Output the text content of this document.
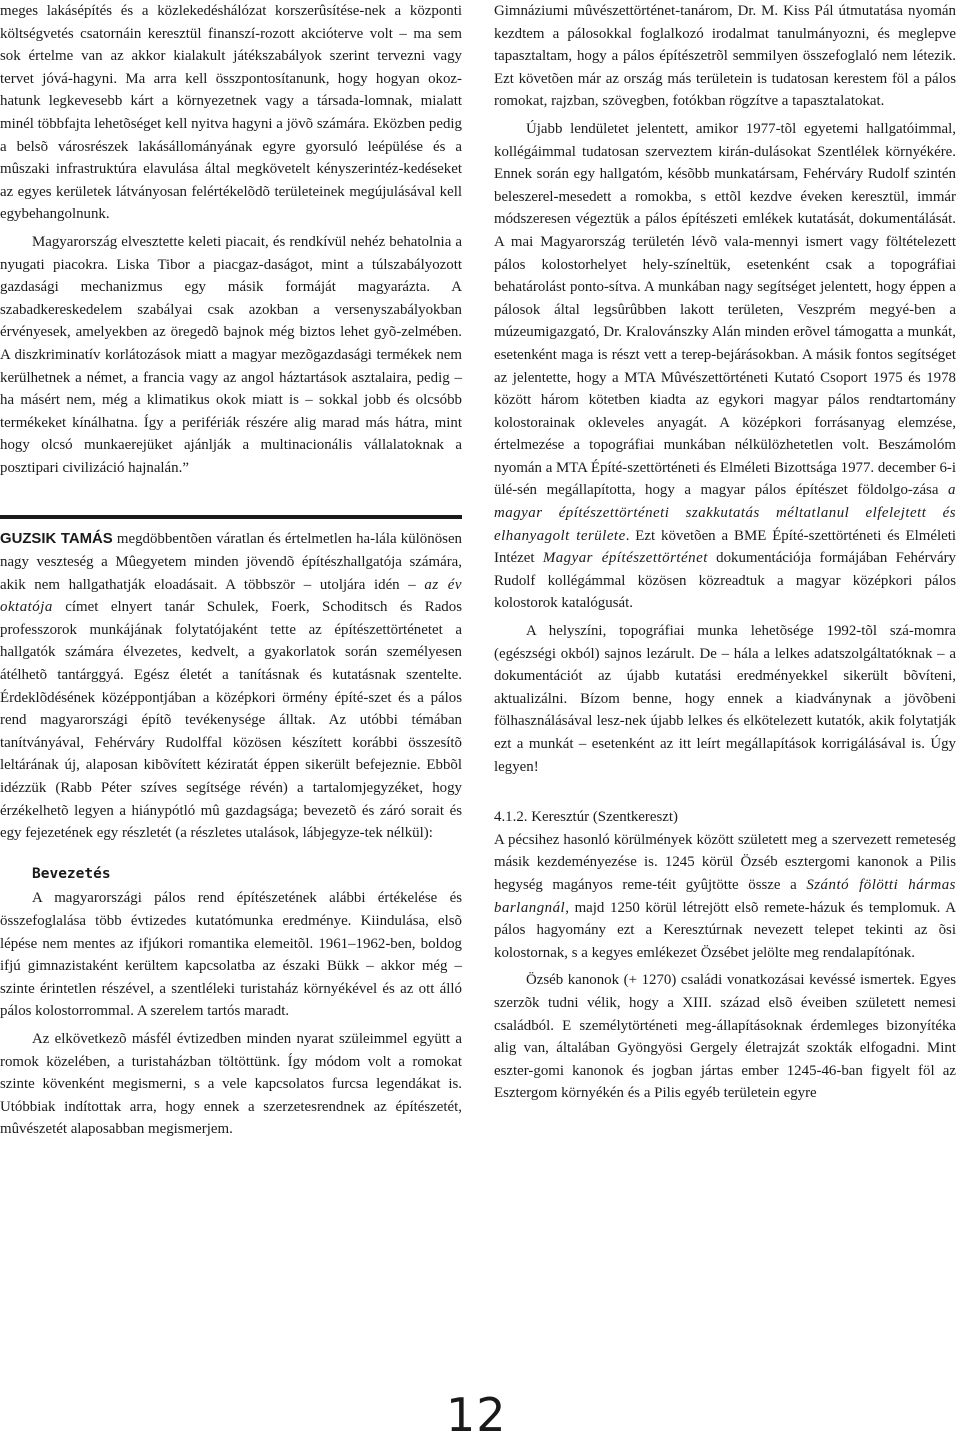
meges lakásépítés és a közlekedéshálózat korszerûsítése-nek a központi költségvetés csatornáin keresztül finanszí-rozott akcióterve volt – ma sem sok értelme van az akkor kialakult játékszabályok szerint tervezni vagy tervet jóvá-hagyni. Ma arra kell összpontosítanunk, hogy hogyan okoz-hatunk legkevesebb kárt a környezetnek vagy a társada-lomnak, mialatt minél többfajta lehetõséget kell nyitva hagyni a jövõ számára. Eközben pedig a belsõ városrészek lakásállományának egyre gyorsuló leépülése és a mûszaki infrastruktúra elavulása által megkövetelt kényszerintéz-kedéseket az egyes kerületek látványosan felértékelõdõ területeinek megújulásával kell egybehangolnunk.

Magyarország elvesztette keleti piacait, és rendkívül nehéz behatolnia a nyugati piacokra. Liska Tibor a piacgaz-daságot, mint a túlszabályozott gazdasági mechanizmus egy másik formáját magyarázta. A szabadkereskedelem szabályai csak azokban a versenyszabályokban érvényesek, amelyekben az öregedõ bajnok még biztos lehet gyõ-zelmében. A diszkriminatív korlátozások miatt a magyar mezõgazdasági termékek nem kerülhetnek a német, a francia vagy az angol háztartások asztalaira, pedig – ha másért nem, még a klimatikus okok miatt is – sokkal jobb és olcsóbb termékeket kínálhatna. Így a perifériák részére alig marad más hátra, mint hogy olcsó munkaerejüket ajánlják a multinacionális vállalatoknak a posztipari civilizáció hajnalán.”

GUZSIK TAMÁS megdöbbentõen váratlan és értelmetlen ha-lála különösen nagy veszteség a Mûegyetem minden jövendõ építészhallgatója számára, akik nem hallgathatják eloadásait. A többször – utoljára idén – az év oktatója címet elnyert tanár Schulek, Foerk, Schoditsch és Rados professzorok munkájának folytatójaként tette az építészettörténetet a hallgatók számára élvezetes, kedvelt, a gyakorlatok során személyesen átélhetõ tantárggyá. Egész életét a tanításnak és kutatásnak szentelte. Érdeklõdésének középpontjában a középkori örmény építé-szet és a pálos rend magyarországi építõ tevékenysége álltak. Az utóbbi témában tanítványával, Fehérváry Rudolffal közösen készített korábbi összesítõ leltárának új, alaposan kibõvített kéziratát éppen sikerült befejeznie. Ebbõl idézzük (Rabb Péter szíves segítsége révén) a tartalomjegyzéket, hogy érzékelhetõ legyen a hiánypótló mû gazdagsága; bevezetõ és záró sorait és egy fejezetének egy részletét (a részletes utalások, lábjegyze-tek nélkül):

Bevezetés

A magyarországi pálos rend építészetének alábbi értékelése és összefoglalása több évtizedes kutatómunka eredménye. Kiindulása, elsõ lépése nem mentes az ifjúkori romantika elemeitõl. 1961–1962-ben, boldog ifjú gimnazistaként kerültem kapcsolatba az északi Bükk – akkor még – szinte érintetlen részével, a szentléleki turistaház környékével és az ott álló pálos kolostorrommal. A szerelem tartós maradt.

Az elkövetkezõ másfél évtizedben minden nyarat szüleimmel együtt a romok közelében, a turistaházban töltöttünk. Így módom volt a romokat szinte kövenként megismerni, s a vele kapcsolatos furcsa legendákat is. Utóbbiak indítottak arra, hogy ennek a szerzetesrendnek az építészetét, mûvészetét alaposabban megismerjem.

Gimnáziumi mûvészettörténet-tanárom, Dr. M. Kiss Pál útmutatása nyomán kezdtem a pálosokkal foglalkozó irodalmat tanulmányozni, és meglepve tapasztaltam, hogy a pálos építészetrõl semmilyen összefoglaló nem létezik. Ezt követõen már az ország más területein is tudatosan kerestem föl a pálos romokat, rajzban, szövegben, fotókban rögzítve a tapasztalatokat.

Újabb lendületet jelentett, amikor 1977-tõl egyetemi hallgatóimmal, kollégáimmal tudatosan szerveztem kirán-dulásokat Szentlélek környékére. Ennek során egy hallgatóm, késõbb munkatársam, Fehérváry Rudolf szintén beleszerel-mesedett a romokba, s ettõl kezdve éveken keresztül, immár módszeresen végeztük a pálos építészeti emlékek kutatását, dokumentálását. A mai Magyarország területén lévõ vala-mennyi ismert vagy föltételezett pálos kolostorhelyet hely-színeltük, esetenként csak a topográfiai behatárolást ponto-sítva. A munkában nagy segítséget jelentett, hogy éppen a pálosok által legsûrûbben lakott területen, Veszprém megyé-ben a múzeumigazgató, Dr. Kralovánszky Alán minden erõvel támogatta a munkát, esetenként maga is részt vett a terep-bejárásokban. A másik fontos segítséget az jelentette, hogy a MTA Mûvészettörténeti Kutató Csoport 1975 és 1978 között három kötetben kiadta az egykori magyar pálos rendtartomány kolostorainak okleveles anyagát. A középkori forrásanyag elemzése, értelmezése a topográfiai munkában nélkülözhetetlen volt. Beszámolóm nyomán a MTA Építé-szettörténeti és Elméleti Bizottsága 1977. december 6-i ülé-sén megállapította, hogy a magyar pálos építészet földolgo-zása a magyar építészettörténeti szakkutatás méltatlanul elfelejtett és elhanyagolt területe. Ezt követõen a BME Építé-szettörténeti és Elméleti Intézet Magyar építészettörténet dokumentációja formájában Fehérváry Rudolf kollégámmal közösen közreadtuk a magyar középkori pálos kolostorok katalógusát.

A helyszíni, topográfiai munka lehetõsége 1992-tõl szá-momra (egészségi okból) sajnos lezárult. De – hála a lelkes adatszolgáltatóknak – a dokumentációt az újabb kutatási eredményekkel sikerült bõvíteni, aktualizálni. Bízom benne, hogy ennek a kiadványnak a jövõbeni fölhasználásával lesz-nek újabb lelkes és elkötelezett kutatók, akik folytatják ezt a munkát – esetenként az itt leírt megállapítások korrigálásával is. Úgy legyen!

4.1.2. Keresztúr (Szentkereszt)

A pécsihez hasonló körülmények között született meg a szervezett remeteség másik kezdeményezése is. 1245 körül Özséb esztergomi kanonok a Pilis hegység magányos reme-téit gyûjtötte össze a Szántó fölötti hármas barlangnál, majd 1250 körül létrejött elsõ remete-házuk és templomuk. A pálos hagyomány ezt a Keresztúrnak nevezett telepet tekinti az õsi kolostornak, s a kegyes emlékezet Özsébet jelölte meg rendalapítónak.

Özséb kanonok (+ 1270) családi vonatkozásai kevéssé ismertek. Egyes szerzõk tudni vélik, hogy a XIII. század elsõ éveiben született nemesi családból. E személytörténeti meg-állapításoknak érdemleges bizonyítéka alig van, általában Gyöngyösi Gergely életrajzát szokták elfogadni. Mint eszter-gomi kanonok és jogban jártas ember 1245-46-ban figyelt föl az Esztergom környékén és a Pilis egyéb területein egyre

12
